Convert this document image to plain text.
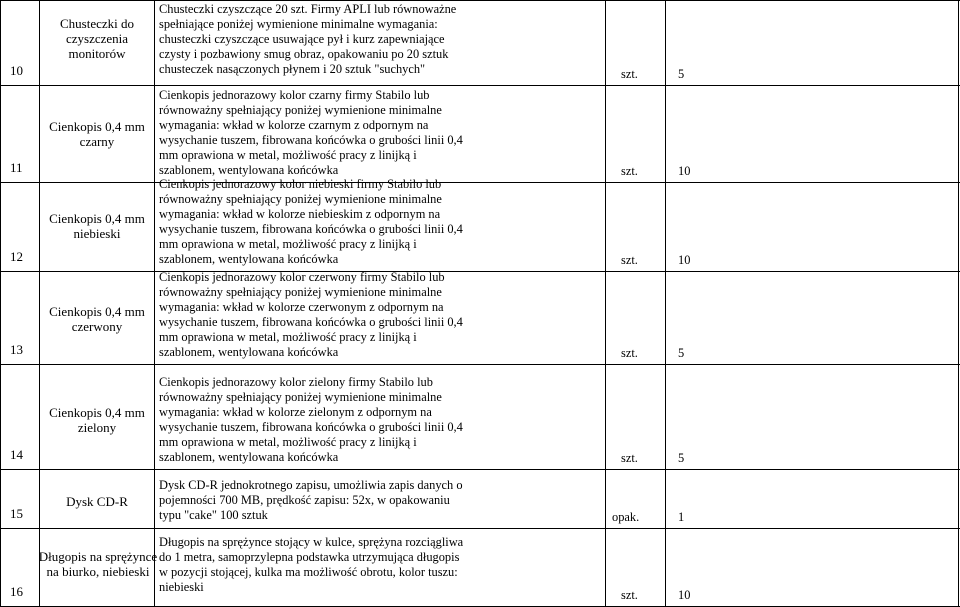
10
Chusteczki do czyszczenia monitorów
Chusteczki czyszczące 20 szt. Firmy APLI lub równoważne
spełniające poniżej wymienione minimalne wymagania:
chusteczki czyszczące usuwające pył i kurz zapewniające
czysty i pozbawiony smug obraz, opakowaniu po 20 sztuk
chusteczek nasączonych płynem i 20 sztuk "suchych"	szt.	5
11
Cienkopis 0,4 mm czarny
Cienkopis jednorazowy kolor czarny firmy Stabilo lub
równoważny spełniający poniżej wymienione minimalne
wymagania: wkład w kolorze czarnym z odpornym na
wysychanie tuszem, fibrowana końcówka o grubości linii 0,4
mm oprawiona w metal, możliwość pracy z linijką i
szablonem, wentylowana końcówka	szt.	10
12
Cienkopis 0,4 mm niebieski
Cienkopis jednorazowy kolor niebieski firmy Stabilo lub
równoważny spełniający poniżej wymienione minimalne
wymagania: wkład w kolorze niebieskim z odpornym na
wysychanie tuszem, fibrowana końcówka o grubości linii 0,4
mm oprawiona w metal, możliwość pracy z linijką i
szablonem, wentylowana końcówka	szt.	10
13
Cienkopis 0,4 mm czerwony
Cienkopis jednorazowy kolor czerwony firmy Stabilo lub
równoważny spełniający poniżej wymienione minimalne
wymagania: wkład w kolorze czerwonym z odpornym na
wysychanie tuszem, fibrowana końcówka o grubości linii 0,4
mm oprawiona w metal, możliwość pracy z linijką i
szablonem, wentylowana końcówka	szt.	5
14
Cienkopis 0,4 mm zielony
Cienkopis jednorazowy kolor zielony firmy Stabilo lub
równoważny spełniający poniżej wymienione minimalne
wymagania: wkład w kolorze zielonym z odpornym na
wysychanie tuszem, fibrowana końcówka o grubości linii 0,4
mm oprawiona w metal, możliwość pracy z linijką i
szablonem, wentylowana końcówka	szt.	5
15
Dysk CD-R
Dysk CD-R jednokrotnego zapisu, umożliwia zapis danych o
pojemności 700 MB, prędkość zapisu: 52x, w opakowaniu
typu "cake" 100 sztuk	opak.	1
16
Długopis na sprężynce na biurko, niebieski
Długopis na sprężynce stojący w kulce, sprężyna rozciągliwa
do 1 metra, samoprzylepna podstawka utrzymująca długopis
w pozycji stojącej, kulka ma możliwość obrotu, kolor tuszu:
niebieski
szt.	10
